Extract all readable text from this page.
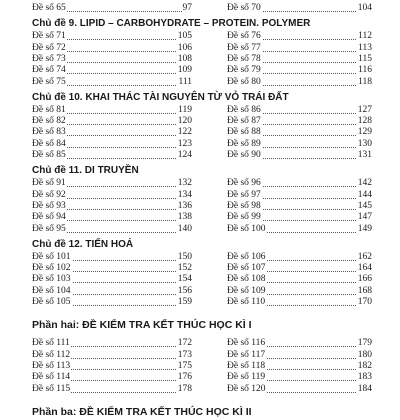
Đề số 65	97	Đề số 70	104
Chủ đề 9. LIPID – CARBOHYDRATE – PROTEIN. POLYMER
Đề số 71	105	Đề số 76	112
Đề số 72	106	Đề số 77	113
Đề số 73	108	Đề số 78	115
Đề số 74	109	Đề số 79	116
Đề số 75	111	Đề số 80	118
Chủ đề 10. KHAI THÁC TÀI NGUYÊN TỪ VỎ TRÁI ĐẤT
Đề số 81	119	Đề số 86	127
Đề số 82	120	Đề số 87	128
Đề số 83	122	Đề số 88	129
Đề số 84	123	Đề số 89	130
Đề số 85	124	Đề số 90	131
Chủ đề 11. DI TRUYỀN
Đề số 91	132	Đề số 96	142
Đề số 92	134	Đề số 97	144
Đề số 93	136	Đề số 98	145
Đề số 94	138	Đề số 99	147
Đề số 95	140	Đề số 100	149
Chủ đề 12. TIẾN HOÁ
Đề số 101	150	Đề số 106	162
Đề số 102	152	Đề số 107	164
Đề số 103	154	Đề số 108	166
Đề số 104	156	Đề số 109	168
Đề số 105	159	Đề số 110	170
Phần hai: ĐỀ KIỂM TRA KẾT THÚC HỌC KÌ I
Đề số 111	172	Đề số 116	179
Đề số 112	173	Đề số 117	180
Đề số 113	175	Đề số 118	182
Đề số 114	176	Đề số 119	183
Đề số 115	178	Đề số 120	184
Phần ba: ĐỀ KIỂM TRA KẾT THÚC HỌC KÌ II
